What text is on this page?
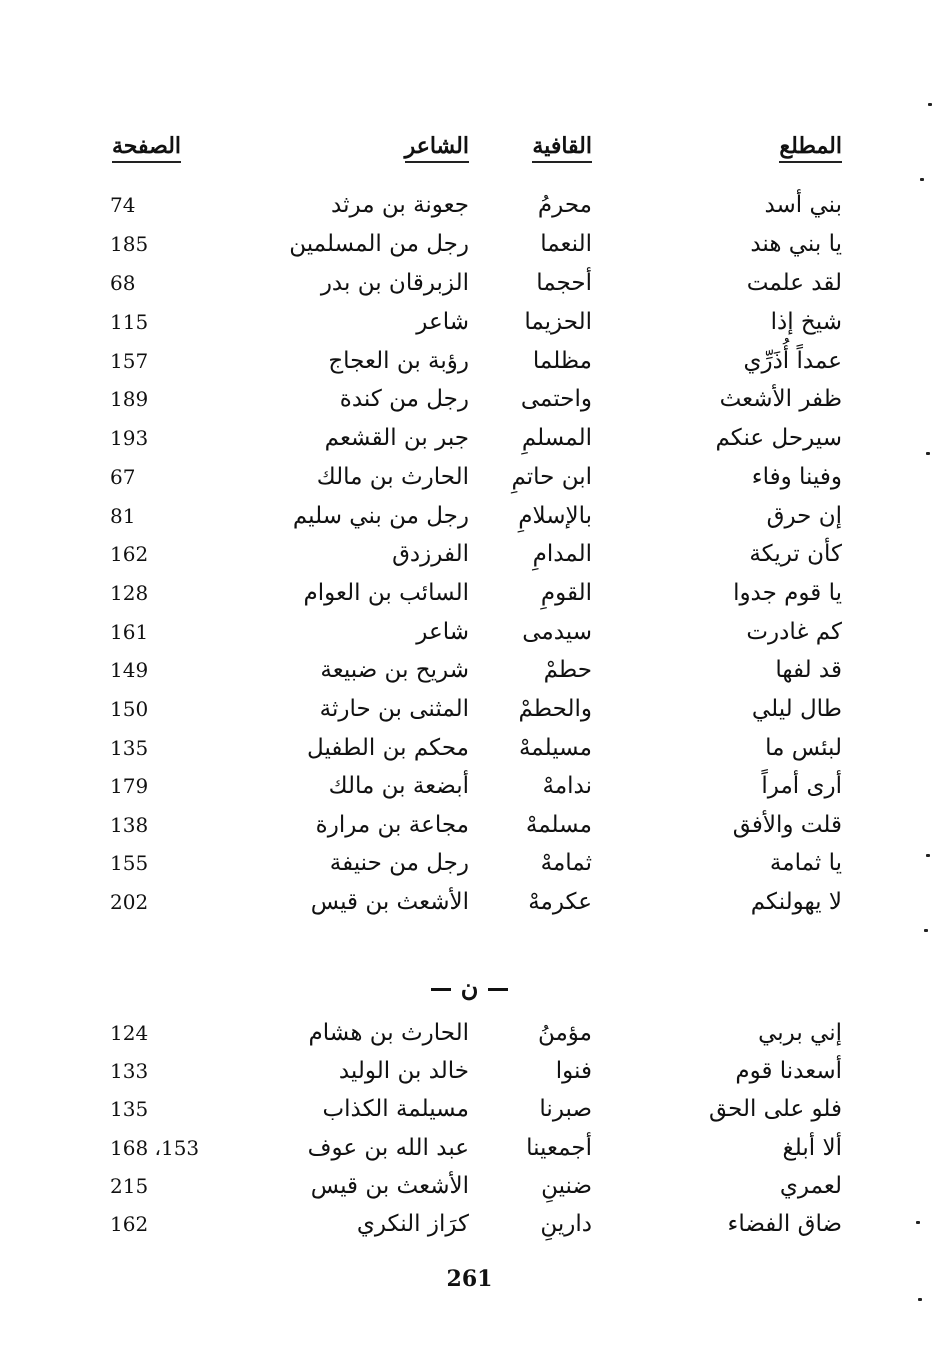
المطلع
القافية
الشاعر
الصفحة
بني أسد
محرمُ
جعونة بن مرثد
74
يا بني هند
النعما
رجل من المسلمين
185
لقد علمت
أحجما
الزبرقان بن بدر
68
شيخ إذا
الحزيما
شاعر
115
عمداً أُذَرِّي
مظلما
رؤبة بن العجاج
157
ظفر الأشعث
واحتمى
رجل من كندة
189
سيرحل عنكم
المسلمِ
جبر بن القشعم
193
وفينا وفاء
ابن حاتمِ
الحارث بن مالك
67
إن حرق
بالإسلامِ
رجل من بني سليم
81
كأن تريكة
المدامِ
الفرزدق
162
يا قوم جدوا
القومِ
السائب بن العوام
128
كم غادرت
سيدمى
شاعر
161
قد لفها
حطمْ
شريح بن ضبيعة
149
طال ليلي
والحطمْ
المثنى بن حارثة
150
لبئس ما
مسيلمهْ
محكم بن الطفيل
135
أرى أمراً
ندامهْ
أبضعة بن مالك
179
قلت والأفق
مسلمهْ
مجاعة بن مرارة
138
يا ثمامة
ثمامهْ
رجل من حنيفة
155
لا يهولنكم
عكرمهْ
الأشعث بن قيس
202
ن
إني بربي
مؤمنُ
الحارث بن هشام
124
أسعدنا قوم
فنوا
خالد بن الوليد
133
فلو على الحق
صبرنا
مسيلمة الكذاب
135
ألا أبلغ
أجمعينا
عبد الله بن عوف
168 ،153
لعمري
ضنينِ
الأشعث بن قيس
215
ضاق الفضاء
دارينِ
كرَاز النكري
162
261
